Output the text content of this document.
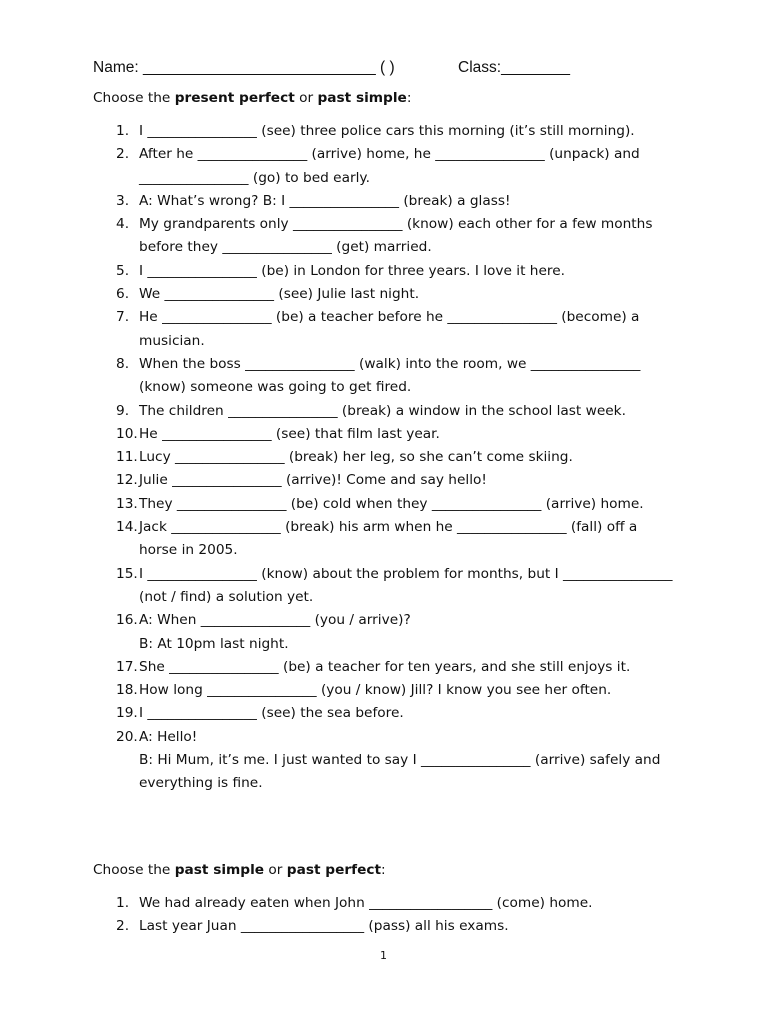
Name: ___________________________ ( )	Class:________
Choose the present perfect or past simple:
1. I ________________ (see) three police cars this morning (it’s still morning).
2. After he ________________ (arrive) home, he ________________ (unpack) and ________________ (go) to bed early.
3. A: What’s wrong? B: I ________________ (break) a glass!
4. My grandparents only ________________ (know) each other for a few months before they ________________ (get) married.
5. I ________________ (be) in London for three years. I love it here.
6. We ________________ (see) Julie last night.
7. He ________________ (be) a teacher before he ________________ (become) a musician.
8. When the boss ________________ (walk) into the room, we ________________ (know) someone was going to get fired.
9. The children ________________ (break) a window in the school last week.
10. He ________________ (see) that film last year.
11. Lucy ________________ (break) her leg, so she can’t come skiing.
12. Julie ________________ (arrive)! Come and say hello!
13. They ________________ (be) cold when they ________________ (arrive) home.
14. Jack ________________ (break) his arm when he ________________ (fall) off a horse in 2005.
15. I ________________ (know) about the problem for months, but I ________________ (not / find) a solution yet.
16. A: When ________________ (you / arrive)?
B: At 10pm last night.
17. She ________________ (be) a teacher for ten years, and she still enjoys it.
18. How long ________________ (you / know) Jill? I know you see her often.
19. I ________________ (see) the sea before.
20. A: Hello!
B: Hi Mum, it’s me. I just wanted to say I ________________ (arrive) safely and everything is fine.
Choose the past simple or past perfect:
1. We had already eaten when John __________________ (come) home.
2. Last year Juan __________________ (pass) all his exams.
1
